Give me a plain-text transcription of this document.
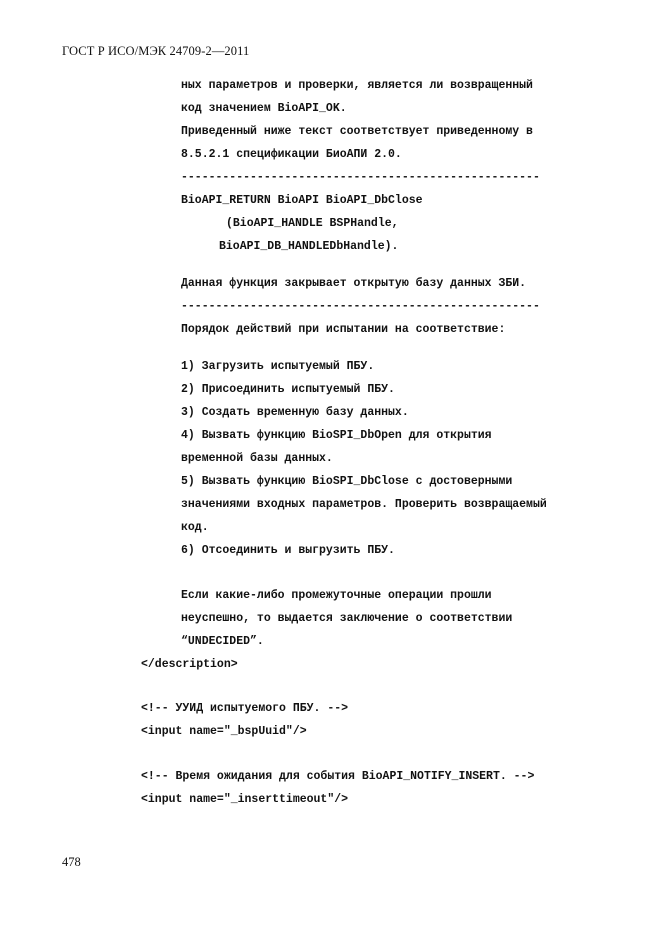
ГОСТ Р ИСО/МЭК 24709-2—2011
ных параметров и проверки, является ли возвращенный
код значением BioAPI_OK.
Приведенный ниже текст соответствует приведенному в
8.5.2.1 спецификации БиоАПИ 2.0.
----------------------------------------------------
BioAPI_RETURN BioAPI BioAPI_DbClose
(BioAPI_HANDLE BSPHandle,
BioAPI_DB_HANDLEDbHandle).
Данная функция закрывает открытую базу данных ЗБИ.
----------------------------------------------------
Порядок действий при испытании на соответствие:
1) Загрузить испытуемый ПБУ.
2) Присоединить испытуемый ПБУ.
3) Создать временную базу данных.
4) Вызвать функцию BioSPI_DbOpen для открытия
временной базы данных.
5) Вызвать функцию BioSPI_DbClose с достоверными
значениями входных параметров. Проверить возвращаемый
код.
6) Отсоединить и выгрузить ПБУ.
Если какие-либо промежуточные операции прошли
неуспешно, то выдается заключение о соответствии
“UNDECIDED”.
</description>
<!-- УУИД испытуемого ПБУ. -->
<input name="_bspUuid"/>
<!-- Время ожидания для события BioAPI_NOTIFY_INSERT. -->
<input name="_inserttimeout"/>
478
